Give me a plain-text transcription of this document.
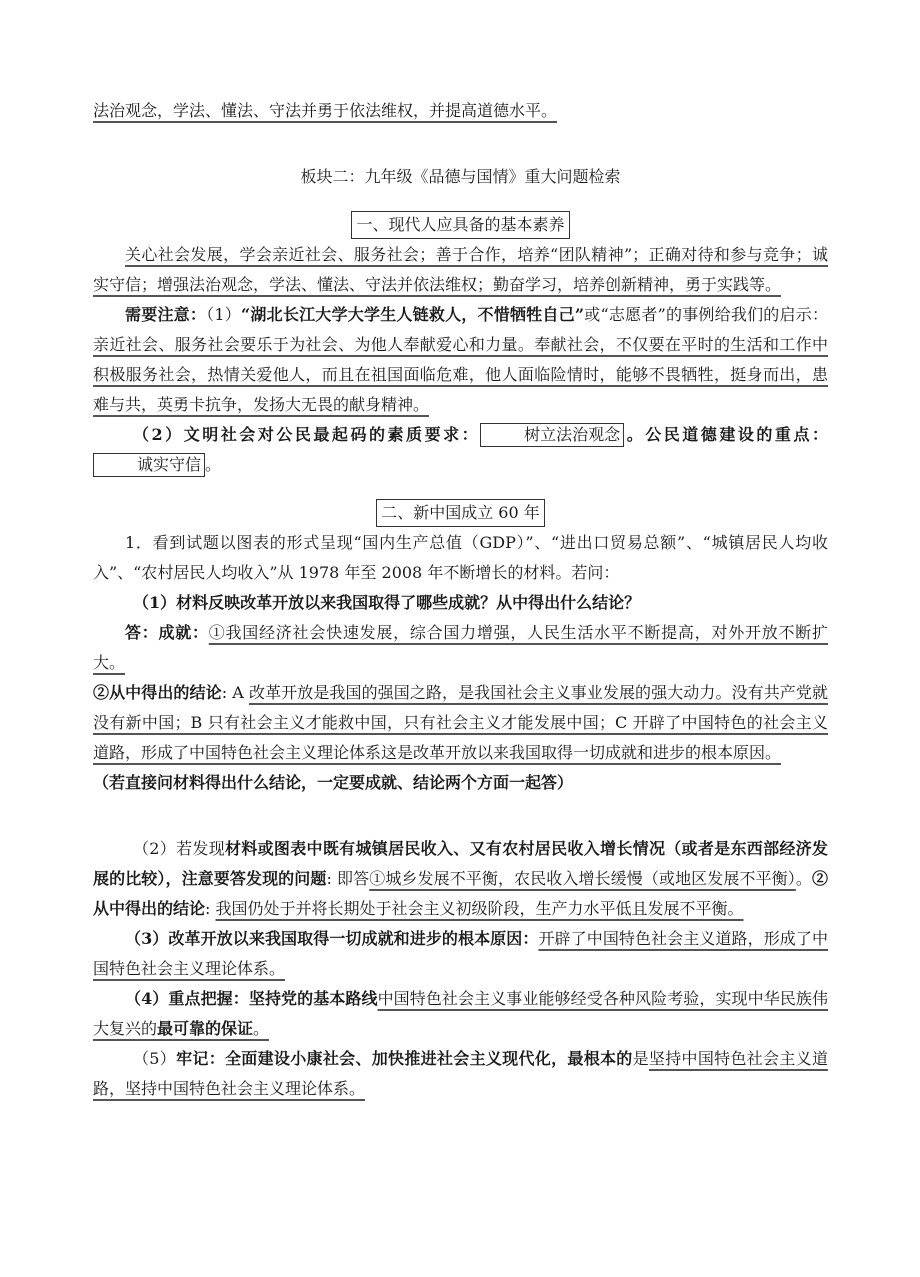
法治观念，学法、懂法、守法并勇于依法维权，并提高道德水平。

板块二：九年级《品德与国情》重大问题检索

一、现代人应具备的基本素养

关心社会发展，学会亲近社会、服务社会；善于合作，培养“团队精神”；正确对待和参与竞争；诚实守信；增强法治观念，学法、懂法、守法并依法维权；勤奋学习，培养创新精神，勇于实践等。

需要注意：（1）“湖北长江大学大学生人链救人，不惜牺牲自己”或“志愿者”的事例给我们的启示：亲近社会、服务社会要乐于为社会、为他人奉献爱心和力量。奉献社会，不仅要在平时的生活和工作中积极服务社会，热情关爱他人，而且在祖国面临危难，他人面临险情时，能够不畏牺牲，挺身而出，患难与共，英勇卡抗争，发扬大无畏的献身精神。

（2）文明社会对公民最起码的素质要求：	树立法治观念 。公民道德建设的重点：诚实守信 。

二、新中国成立 60 年

1．看到试题以图表的形式呈现“国内生产总值（GDP）”、“进出口贸易总额”、“城镇居民人均收入”、“农村居民人均收入”从 1978 年至 2008 年不断增长的材料。若问：

（1）材料反映改革开放以来我国取得了哪些成就？从中得出什么结论？

答：成就：①我国经济社会快速发展，综合国力增强，人民生活水平不断提高，对外开放不断扩大。

②从中得出的结论: A 改革开放是我国的强国之路，是我国社会主义事业发展的强大动力。没有共产党就没有新中国；B 只有社会主义才能救中国，只有社会主义才能发展中国；C 开辟了中国特色的社会主义道路，形成了中国特色社会主义理论体系这是改革开放以来我国取得一切成就和进步的根本原因。

（若直接问材料得出什么结论，一定要成就、结论两个方面一起答）

（2）若发现材料或图表中既有城镇居民收入、又有农村居民收入增长情况（或者是东西部经济发展的比较），注意要答发现的问题: 即答①城乡发展不平衡，农民收入增长缓慢（或地区发展不平衡）。②从中得出的结论: 我国仍处于并将长期处于社会主义初级阶段，生产力水平低且发展不平衡。

（3）改革开放以来我国取得一切成就和进步的根本原因：开辟了中国特色社会主义道路，形成了中国特色社会主义理论体系。

（4）重点把握：坚持党的基本路线中国特色社会主义事业能够经受各种风险考验，实现中华民族伟大复兴的最可靠的保证。

（5）牢记：全面建设小康社会、加快推进社会主义现代化，最根本的是坚持中国特色社会主义道路，坚持中国特色社会主义理论体系。
